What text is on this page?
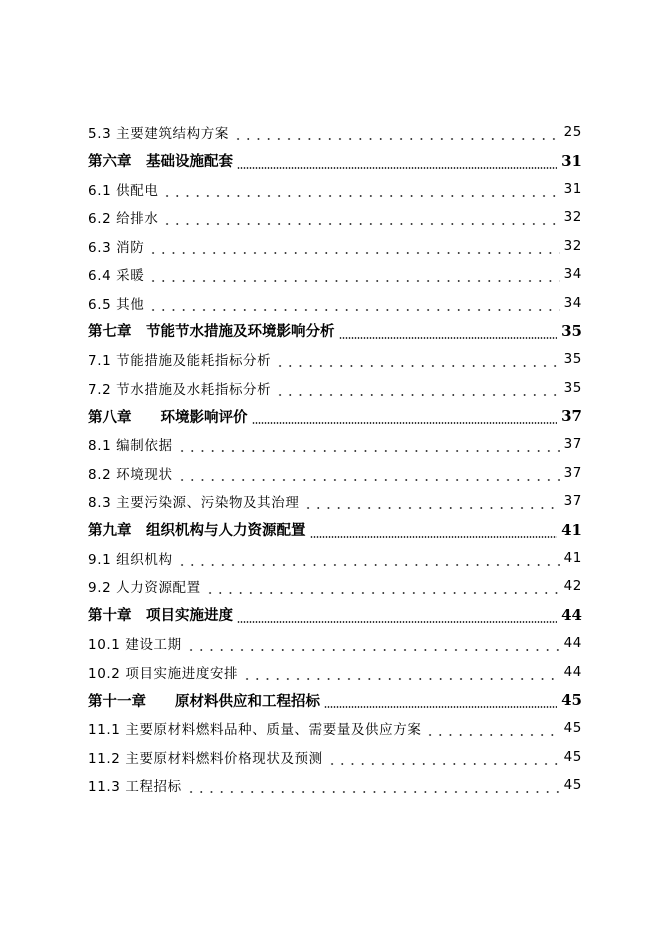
5.3 主要建筑结构方案	25
第六章　基础设施配套	31
6.1 供配电	31
6.2 给排水	32
6.3 消防	32
6.4 采暖	34
6.5 其他	34
第七章　节能节水措施及环境影响分析	35
7.1 节能措施及能耗指标分析	35
7.2 节水措施及水耗指标分析	35
第八章　　环境影响评价	37
8.1 编制依据	37
8.2 环境现状	37
8.3 主要污染源、污染物及其治理	37
第九章　组织机构与人力资源配置	41
9.1 组织机构	41
9.2 人力资源配置	42
第十章　项目实施进度	44
10.1 建设工期	44
10.2 项目实施进度安排	44
第十一章　　原材料供应和工程招标	45
11.1 主要原材料燃料品种、质量、需要量及供应方案	45
11.2 主要原材料燃料价格现状及预测	45
11.3 工程招标	45
